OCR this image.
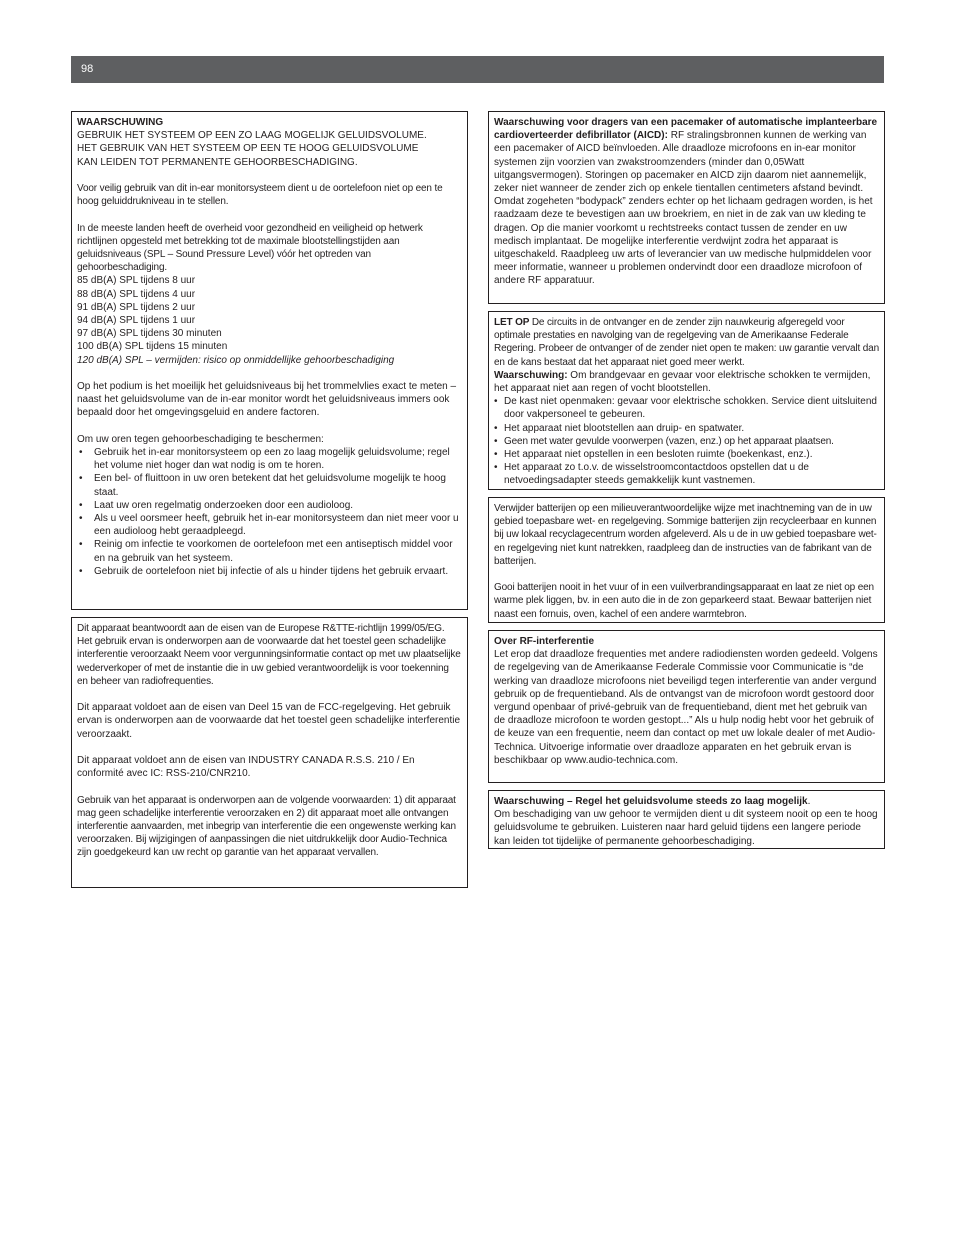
98

WAARSCHUWING

GEBRUIK HET SYSTEEM OP EEN ZO LAAG MOGELIJK GELUIDSVOLUME.

HET GEBRUIK VAN HET SYSTEEM OP EEN TE HOOG GELUIDSVOLUME

KAN LEIDEN TOT PERMANENTE GEHOORBESCHADIGING.

Voor veilig gebruik van dit in-ear monitorsysteem dient u de oortelefoon niet op een te hoog geluiddrukniveau in te stellen.

In de meeste landen heeft de overheid voor gezondheid en veiligheid op hetwerk richtlijnen opgesteld met betrekking tot de maximale blootstellingstijden aan geluidsniveaus (SPL – Sound Pressure Level) vóór het optreden van gehoorbeschadiging.

85 dB(A) SPL tijdens 8 uur

88 dB(A) SPL tijdens 4 uur

91 dB(A) SPL tijdens 2 uur

94 dB(A) SPL tijdens 1 uur

97 dB(A) SPL tijdens 30 minuten

100 dB(A) SPL tijdens 15 minuten

120 dB(A) SPL – vermijden: risico op onmiddellijke gehoorbeschadiging

Op het podium is het moeilijk het geluidsniveaus bij het trommelvlies exact te meten – naast het geluidsvolume van de in-ear monitor wordt het geluidsniveaus immers ook bepaald door het omgevingsgeluid en andere factoren.

Om uw oren tegen gehoorbeschadiging te beschermen:

• Gebruik het in-ear monitorsysteem op een zo laag mogelijk geluidsvolume; regel het volume niet hoger dan wat nodig is om te horen.
• Een bel- of fluittoon in uw oren betekent dat het geluidsvolume mogelijk te hoog staat.
• Laat uw oren regelmatig onderzoeken door een audioloog.
• Als u veel oorsmeer heeft, gebruik het in-ear monitorsysteem dan niet meer voor u een audioloog hebt geraadpleegd.
• Reinig om infectie te voorkomen de oortelefoon met een antiseptisch middel voor en na gebruik van het systeem.
• Gebruik de oortelefoon niet bij infectie of als u hinder tijdens het gebruik ervaart.

Dit apparaat beantwoordt aan de eisen van de Europese R&TTE-richtlijn 1999/05/EG. Het gebruik ervan is onderworpen aan de voorwaarde dat het toestel geen schadelijke interferentie veroorzaakt Neem voor vergunningsinformatie contact op met uw plaatselijke wederverkoper of met de instantie die in uw gebied verantwoordelijk is voor toekenning en beheer van radiofrequenties.

Dit apparaat voldoet aan de eisen van Deel 15 van de FCC-regelgeving. Het gebruik ervan is onderworpen aan de voorwaarde dat het toestel geen schadelijke interferentie veroorzaakt.

Dit apparaat voldoet ann de eisen van INDUSTRY CANADA R.S.S. 210 / En conformité avec IC: RSS-210/CNR210.

Gebruik van het apparaat is onderworpen aan de volgende voorwaarden: 1) dit apparaat mag geen schadelijke interferentie veroorzaken en 2) dit apparaat moet alle ontvangen interferentie aanvaarden, met inbegrip van interferentie die een ongewenste werking kan veroorzaken. Bij wijzigingen of aanpassingen die niet uitdrukkelijk door Audio-Technica zijn goedgekeurd kan uw recht op garantie van het apparaat vervallen.

Waarschuwing voor dragers van een pacemaker of automatische implanteerbare cardioverteerder defibrillator (AICD): RF stralingsbronnen kunnen de werking van een pacemaker of AICD beïnvloeden. Alle draadloze microfoons en in-ear monitor systemen zijn voorzien van zwakstroomzenders (minder dan 0,05Watt uitgangsvermogen). Storingen op pacemaker en AICD zijn daarom niet aannemelijk, zeker niet wanneer de zender zich op enkele tientallen centimeters afstand bevindt. Omdat zogeheten “bodypack” zenders echter op het lichaam gedragen worden, is het raadzaam deze te bevestigen aan uw broekriem, en niet in de zak van uw kleding te dragen. Op die manier voorkomt u rechtstreeks contact tussen de zender en uw medisch implantaat. De mogelijke interferentie verdwijnt zodra het apparaat is uitgeschakeld. Raadpleeg uw arts of leverancier van uw medische hulpmiddelen voor meer informatie, wanneer u problemen ondervindt door een draadloze microfoon of andere RF apparatuur.

LET OP De circuits in de ontvanger en de zender zijn nauwkeurig afgeregeld voor optimale prestaties en navolging van de regelgeving van de Amerikaanse Federale Regering. Probeer de ontvanger of de zender niet open te maken: uw garantie vervalt dan en de kans bestaat dat het apparaat niet goed meer werkt.

Waarschuwing: Om brandgevaar en gevaar voor elektrische schokken te vermijden, het apparaat niet aan regen of vocht blootstellen.

• De kast niet openmaken: gevaar voor elektrische schokken. Service dient uitsluitend door vakpersoneel te gebeuren.
• Het apparaat niet blootstellen aan druip- en spatwater.
• Geen met water gevulde voorwerpen (vazen, enz.) op het apparaat plaatsen.
• Het apparaat niet opstellen in een besloten ruimte (boekenkast, enz.).
• Het apparaat zo t.o.v. de wisselstroomcontactdoos opstellen dat u de netvoedingsadapter steeds gemakkelijk kunt vastnemen.

Verwijder batterijen op een milieuverantwoordelijke wijze met inachtneming van de in uw gebied toepasbare wet- en regelgeving. Sommige batterijen zijn recycleerbaar en kunnen bij uw lokaal recyclagecentrum worden afgeleverd. Als u de in uw gebied toepasbare wet- en regelgeving niet kunt natrekken, raadpleeg dan de instructies van de fabrikant van de batterijen.

Gooi batterijen nooit in het vuur of in een vuilverbrandingsapparaat en laat ze niet op een warme plek liggen, bv. in een auto die in de zon geparkeerd staat. Bewaar batterijen niet naast een fornuis, oven, kachel of een andere warmtebron.

Over RF-interferentie

Let erop dat draadloze frequenties met andere radiodiensten worden gedeeld. Volgens de regelgeving van de Amerikaanse Federale Commissie voor Communicatie is “de werking van draadloze microfoons niet beveiligd tegen interferentie van ander vergund gebruik op de frequentieband. Als de ontvangst van de microfoon wordt gestoord door vergund openbaar of privé-gebruik van de frequentieband, dient met het gebruik van de draadloze microfoon te worden gestopt...” Als u hulp nodig hebt voor het gebruik of de keuze van een frequentie, neem dan contact op met uw lokale dealer of met Audio-Technica. Uitvoerige informatie over draadloze apparaten en het gebruik ervan is beschikbaar op www.audio-technica.com.

Waarschuwing – Regel het geluidsvolume steeds zo laag mogelijk.

Om beschadiging van uw gehoor te vermijden dient u dit systeem nooit op een te hoog geluidsvolume te gebruiken. Luisteren naar hard geluid tijdens een langere periode kan leiden tot tijdelijke of permanente gehoorbeschadiging.
